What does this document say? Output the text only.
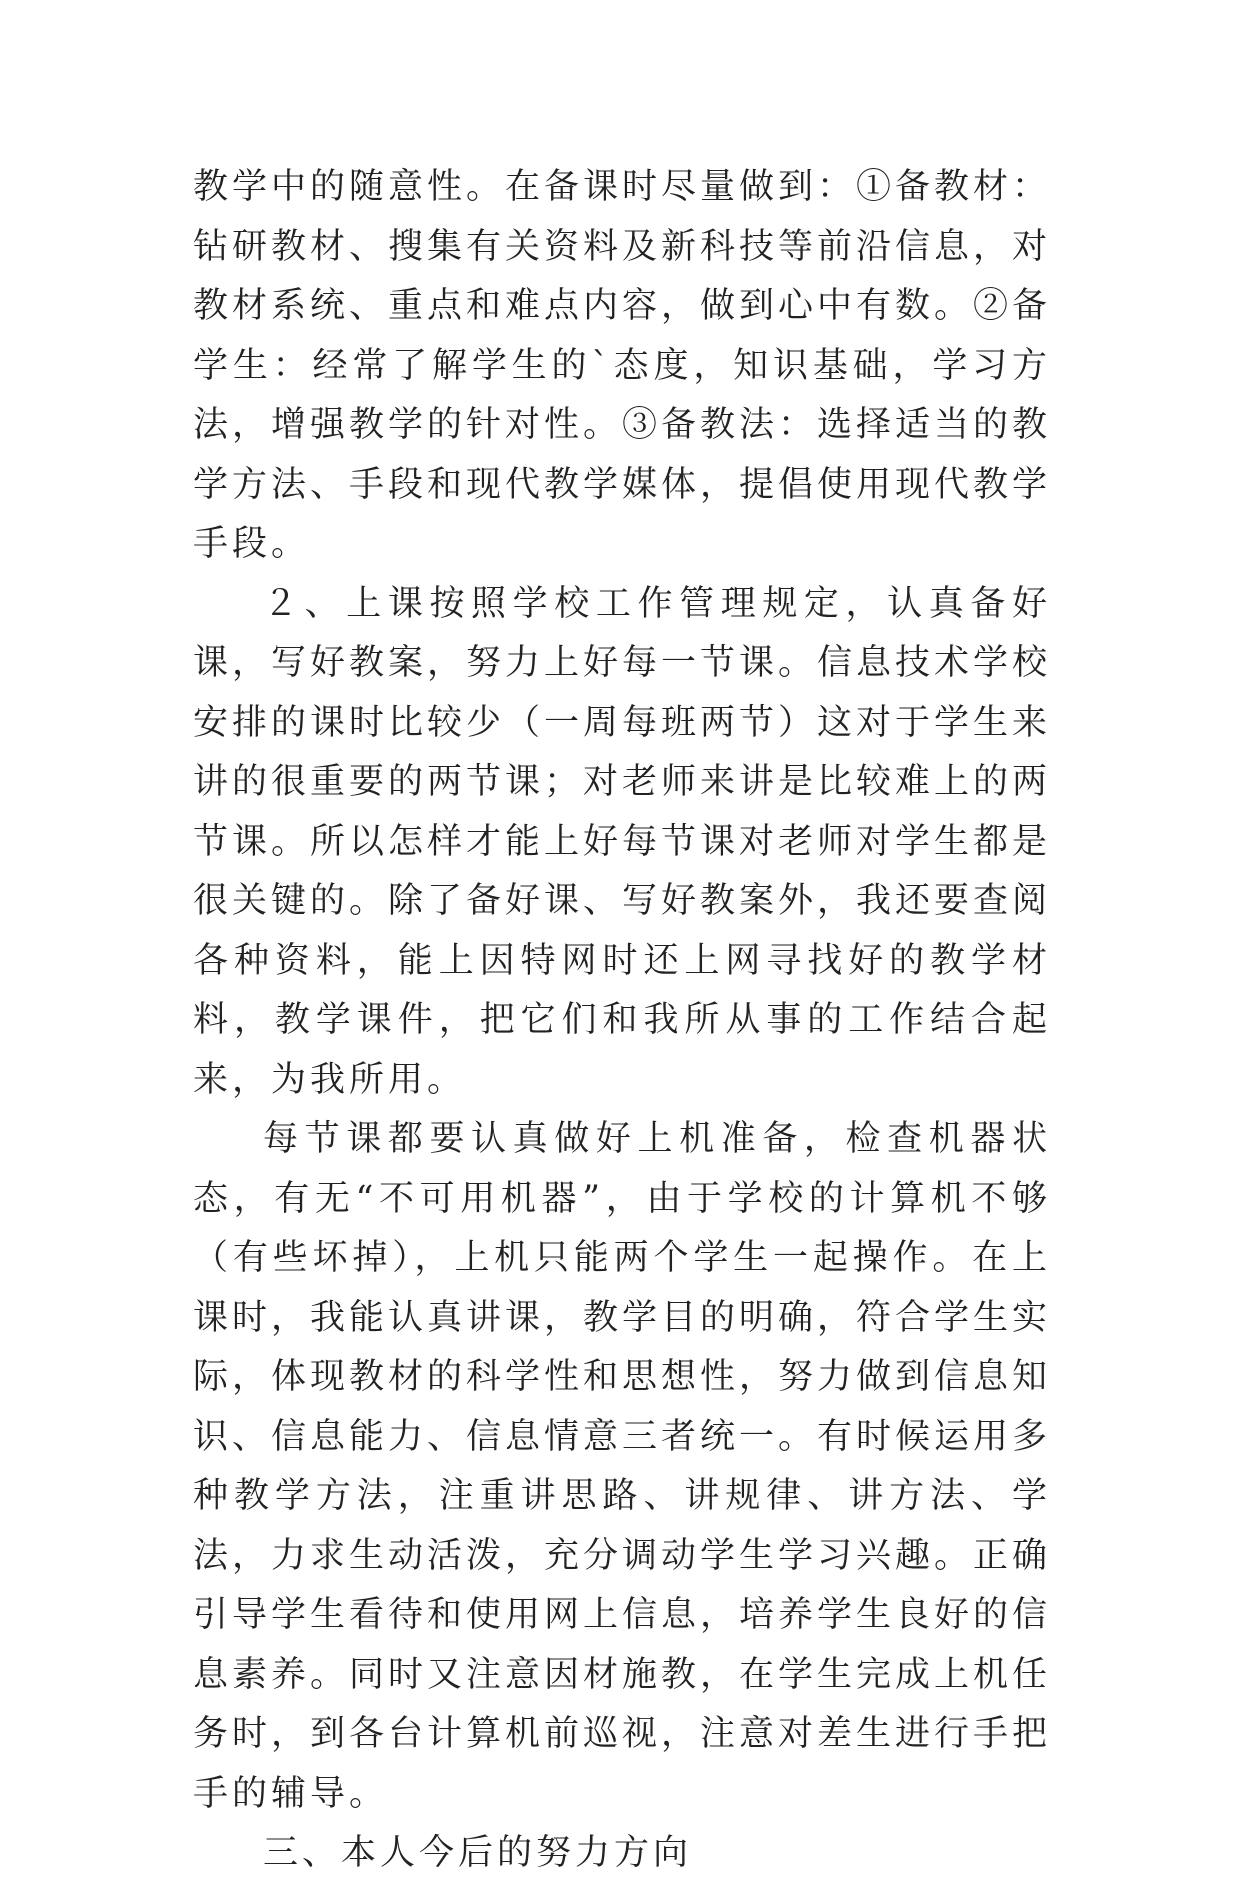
教学中的随意性。在备课时尽量做到：①备教材：钻研教材、搜集有关资料及新科技等前沿信息，对教材系统、重点和难点内容，做到心中有数。②备学生：经常了解学生的`态度，知识基础，学习方法，增强教学的针对性。③备教法：选择适当的教学方法、手段和现代教学媒体，提倡使用现代教学手段。

２、上课按照学校工作管理规定，认真备好课，写好教案，努力上好每一节课。信息技术学校安排的课时比较少（一周每班两节）这对于学生来讲的很重要的两节课；对老师来讲是比较难上的两节课。所以怎样才能上好每节课对老师对学生都是很关键的。除了备好课、写好教案外，我还要查阅各种资料，能上因特网时还上网寻找好的教学材料，教学课件，把它们和我所从事的工作结合起来，为我所用。

每节课都要认真做好上机准备，检查机器状态，有无“不可用机器”，由于学校的计算机不够（有些坏掉），上机只能两个学生一起操作。在上课时，我能认真讲课，教学目的明确，符合学生实际，体现教材的科学性和思想性，努力做到信息知识、信息能力、信息情意三者统一。有时候运用多种教学方法，注重讲思路、讲规律、讲方法、学法，力求生动活泼，充分调动学生学习兴趣。正确引导学生看待和使用网上信息，培养学生良好的信息素养。同时又注意因材施教，在学生完成上机任务时，到各台计算机前巡视，注意对差生进行手把手的辅导。

三、本人今后的努力方向
